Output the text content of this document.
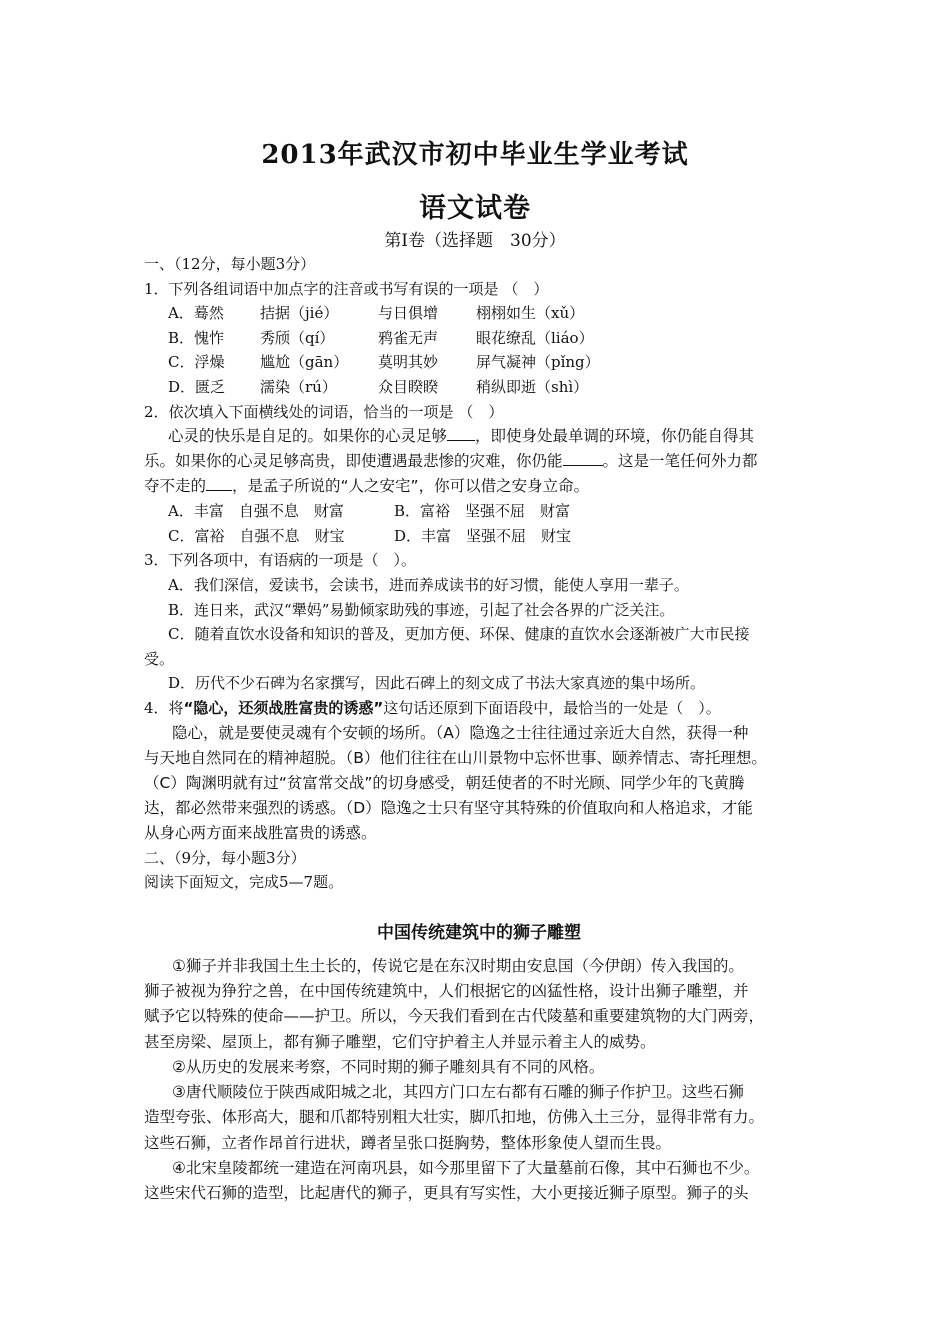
2013年武汉市初中毕业生学业考试
语文试卷
第Ⅰ卷（选择题　30分）
一、（12分，每小题3分）
1．下列各组词语中加点字的注音或书写有误的一项是 （　）
A．蓦然 拮据（jié）	与日俱增	栩栩如生（xǔ）
B．愧怍 秀颀（qí）	鸦雀无声	眼花缭乱（liáo）
C．浮燥 尴尬（gān） 莫明其妙	屏气凝神（pǐng）
D．匮乏 濡染（rú）	众目睽睽	稍纵即逝（shì）
2．依次填入下面横线处的词语，恰当的一项是 （　）
心灵的快乐是自足的。如果你的心灵足够 ，即使身处最单调的环境，你仍能自得其
乐。如果你的心灵足够高贵，即使遭遇最悲惨的灾难，你仍能	。这是一笔任何外力都
夺不走的 ，是孟子所说的“人之安宅”，你可以借之安身立命。
A．丰富　自强不息　财富	B．富裕　坚强不屈　财富
C．富裕　自强不息　财宝	D．丰富　坚强不屈　财宝
3．下列各项中，有语病的一项是（　）。
A．我们深信，爱读书，会读书，进而养成读书的好习惯，能使人享用一辈子。
B．连日来，武汉“犟妈”易勤倾家助残的事迹，引起了社会各界的广泛关注。
C．随着直饮水设备和知识的普及，更加方便、环保、健康的直饮水会逐渐被广大市民接
受。
D．历代不少石碑为名家撰写，因此石碑上的刻文成了书法大家真迹的集中场所。
4．将“隐心，还须战胜富贵的诱惑”这句话还原到下面语段中，最恰当的一处是（　）。
隐心，就是要使灵魂有个安顿的场所。（A）隐逸之士往往通过亲近大自然，获得一种
与天地自然同在的精神超脱。（B）他们往往在山川景物中忘怀世事、颐养情志、寄托理想。
（C）陶渊明就有过“贫富常交战”的切身感受，朝廷使者的不时光顾、同学少年的飞黄腾
达，都必然带来强烈的诱惑。（D）隐逸之士只有坚守其特殊的价值取向和人格追求，才能
从身心两方面来战胜富贵的诱惑。
二、（9分，每小题3分）
阅读下面短文，完成5—7题。
中国传统建筑中的狮子雕塑
①狮子并非我国土生土长的，传说它是在东汉时期由安息国（今伊朗）传入我国的。
狮子被视为狰狞之兽，在中国传统建筑中，人们根据它的凶猛性格，设计出狮子雕塑，并
赋予它以特殊的使命——护卫。所以，今天我们看到在古代陵墓和重要建筑物的大门两旁，
甚至房梁、屋顶上，都有狮子雕塑，它们守护着主人并显示着主人的威势。
②从历史的发展来考察，不同时期的狮子雕刻具有不同的风格。
③唐代顺陵位于陕西咸阳城之北，其四方门口左右都有石雕的狮子作护卫。这些石狮
造型夸张、体形高大，腿和爪都特别粗大壮实，脚爪扣地，仿佛入土三分，显得非常有力。
这些石狮，立者作昂首行进状，蹲者呈张口挺胸势，整体形象使人望而生畏。
④北宋皇陵都统一建造在河南巩县，如今那里留下了大量墓前石像，其中石狮也不少。
这些宋代石狮的造型，比起唐代的狮子，更具有写实性，大小更接近狮子原型。狮子的头
